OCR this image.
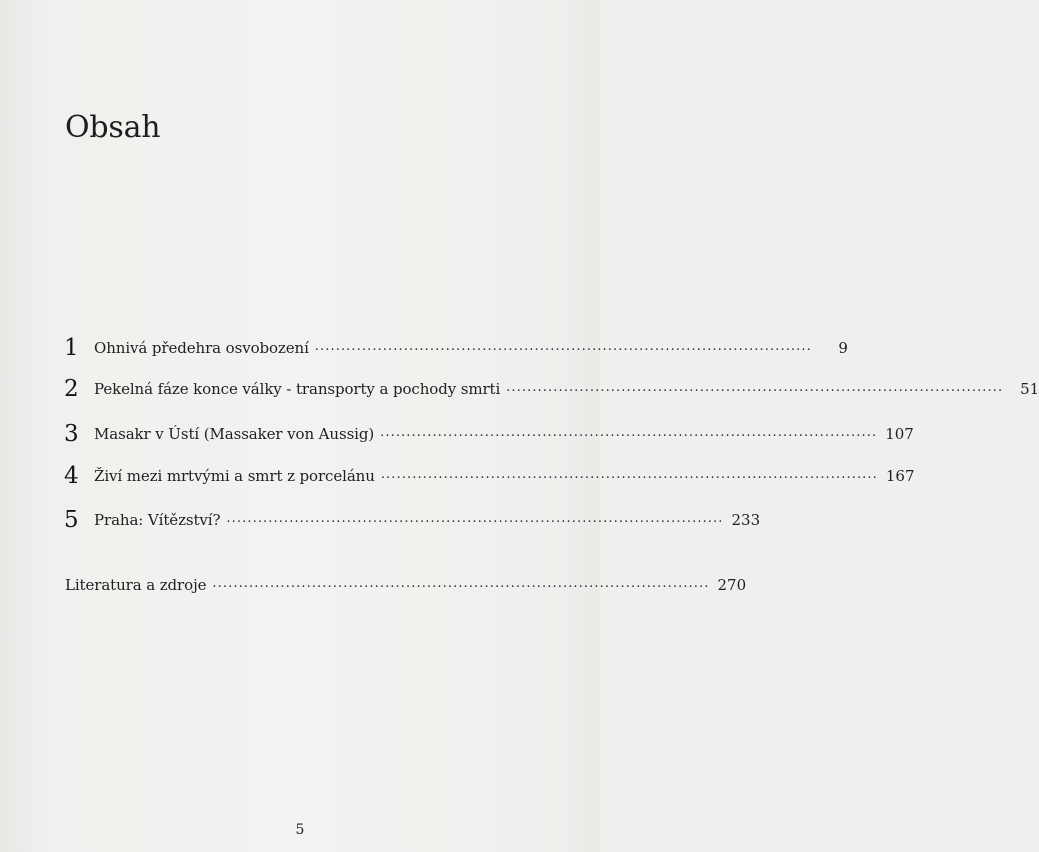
Obsah

1	Ohnivá předehra osvobození ...............................................................................................	9
2	Pekelná fáze konce války - transporty a pochody smrti ...............................................................................................	51
3	Masakr v Ústí (Massaker von Aussig) ............................................................................................... 107
4	Živí mezi mrtvými a smrt z porcelánu ............................................................................................... 167
5	Praha: Vítězství? ............................................................................................... 233
Literatura a zdroje ............................................................................................... 270
5
